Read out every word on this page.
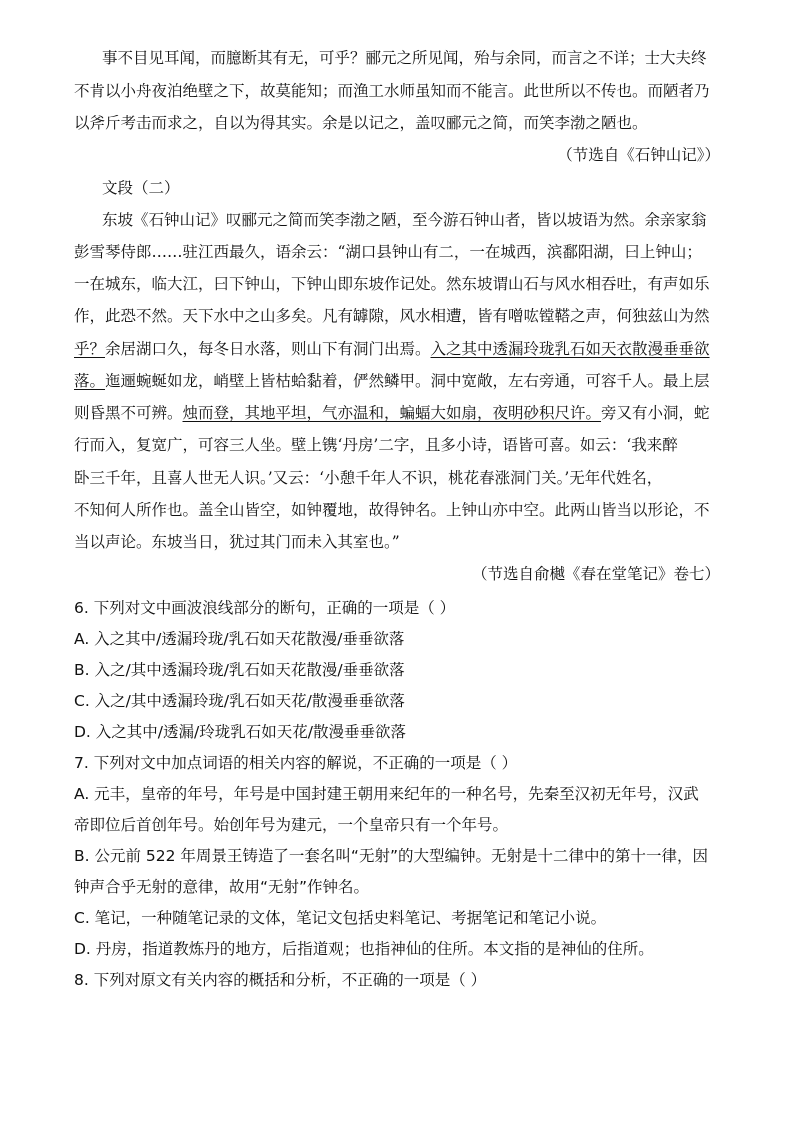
事不目见耳闻，而臆断其有无，可乎？郦元之所见闻，殆与余同，而言之不详；士大夫终
不肯以小舟夜泊绝壁之下，故莫能知；而渔工水师虽知而不能言。此世所以不传也。而陋者乃
以斧斤考击而求之，自以为得其实。余是以记之，盖叹郦元之简，而笑李渤之陋也。
（节选自《石钟山记》）
文段（二）
东坡《石钟山记》叹郦元之简而笑李渤之陋，至今游石钟山者，皆以坡语为然。余亲家翁
彭雪琴侍郎……驻江西最久，语余云：“湖口县钟山有二，一在城西，滨鄱阳湖，曰上钟山；
一在城东，临大江，曰下钟山，下钟山即东坡作记处。然东坡谓山石与风水相吞吐，有声如乐
作，此恐不然。天下水中之山多矣。凡有罅隙，风水相遭，皆有噌吰镗鞳之声，何独兹山为然
乎？余居湖口久，每冬日水落，则山下有洞门出焉。入之其中透漏玲珑乳石如天衣散漫垂垂欲
落。迤逦蜿蜒如龙，峭壁上皆枯蛤黏着，俨然鳞甲。洞中宽敞，左右旁通，可容千人。最上层
则昏黑不可辨。烛而登，其地平坦，气亦温和，蝙蝠大如扇，夜明砂积尺许。旁又有小洞，蛇
行而入，复宽广，可容三人坐。壁上镌‘丹房’二字，且多小诗，语皆可喜。如云：‘我来醉
卧三千年，且喜人世无人识。’又云：‘小憩千年人不识，桃花春涨洞门关。’无年代姓名，
不知何人所作也。盖全山皆空，如钟覆地，故得钟名。上钟山亦中空。此两山皆当以形论，不
当以声论。东坡当日，犹过其门而未入其室也。”
（节选自俞樾《春在堂笔记》卷七）
6. 下列对文中画波浪线部分的断句，正确的一项是（ ）
A. 入之其中/透漏玲珑/乳石如天花散漫/垂垂欲落
B. 入之/其中透漏玲珑/乳石如天花散漫/垂垂欲落
C. 入之/其中透漏玲珑/乳石如天花/散漫垂垂欲落
D. 入之其中/透漏/玲珑乳石如天花/散漫垂垂欲落
7. 下列对文中加点词语的相关内容的解说，不正确的一项是（ ）
A. 元丰，皇帝的年号，年号是中国封建王朝用来纪年的一种名号，先秦至汉初无年号，汉武
帝即位后首创年号。始创年号为建元，一个皇帝只有一个年号。
B. 公元前 522 年周景王铸造了一套名叫“无射”的大型编钟。无射是十二律中的第十一律，因
钟声合乎无射的意律，故用“无射”作钟名。
C. 笔记，一种随笔记录的文体，笔记文包括史料笔记、考据笔记和笔记小说。
D. 丹房，指道教炼丹的地方，后指道观；也指神仙的住所。本文指的是神仙的住所。
8. 下列对原文有关内容的概括和分析，不正确的一项是（ ）
